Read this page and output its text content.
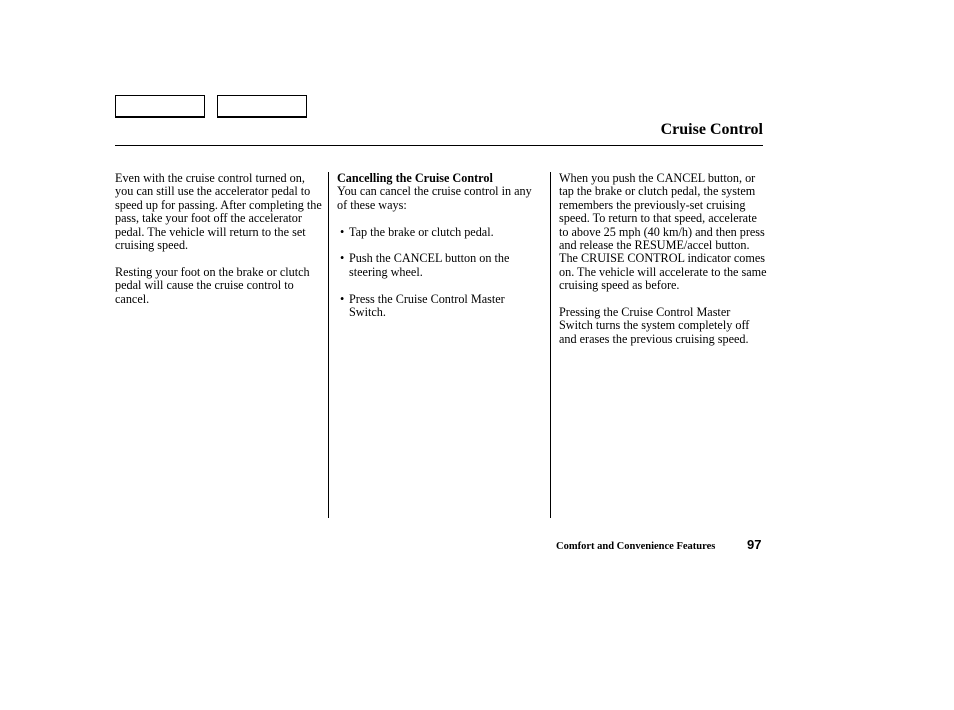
Cruise Control

Even with the cruise control turned on, you can still use the accelerator pedal to speed up for passing. After completing the pass, take your foot off the accelerator pedal. The vehicle will return to the set cruising speed.

Resting your foot on the brake or clutch pedal will cause the cruise control to cancel.

Cancelling the Cruise Control

You can cancel the cruise control in any of these ways:

• Tap the brake or clutch pedal.
• Push the CANCEL button on the steering wheel.
• Press the Cruise Control Master Switch.

When you push the CANCEL button, or tap the brake or clutch pedal, the system remembers the previously-set cruising speed. To return to that speed, accelerate to above 25 mph (40 km/h) and then press and release the RESUME/accel button. The CRUISE CONTROL indicator comes on. The vehicle will accelerate to the same cruising speed as before.

Pressing the Cruise Control Master Switch turns the system completely off and erases the previous cruising speed.

Comfort and Convenience Features 97
